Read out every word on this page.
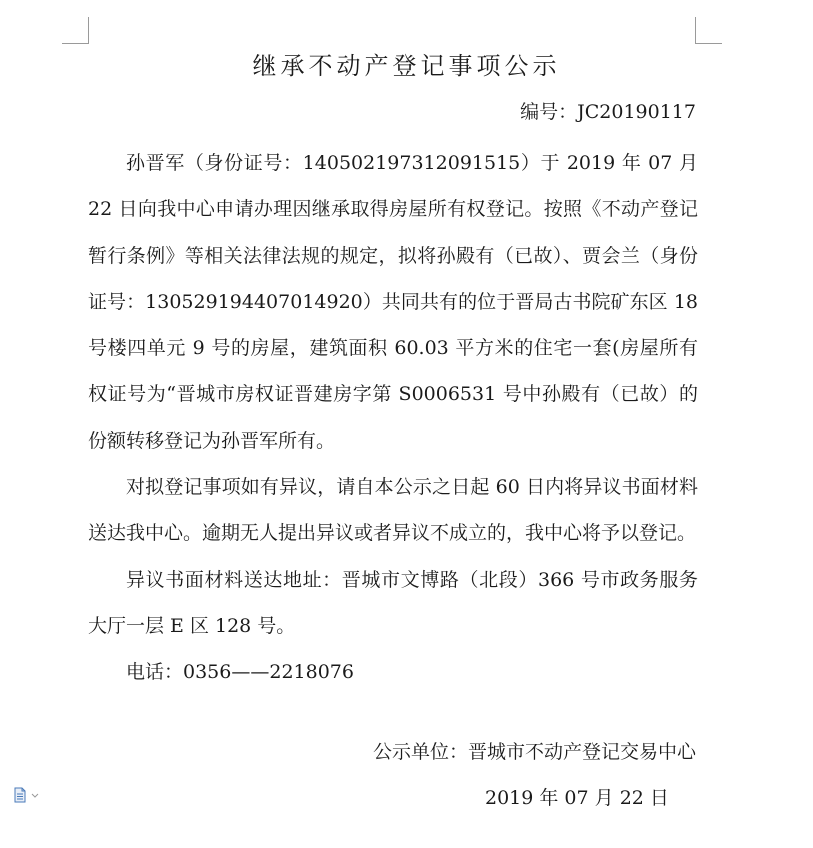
继承不动产登记事项公示
编号：JC20190117

孙晋军（身份证号：140502197312091515）于 2019 年 07 月 22 日向我中心申请办理因继承取得房屋所有权登记。按照《不动产登记暂行条例》等相关法律法规的规定，拟将孙殿有（已故）、贾会兰（身份证号：130529194407014920）共同共有的位于晋局古书院矿东区 18 号楼四单元 9 号的房屋，建筑面积 60.03 平方米的住宅一套(房屋所有权证号为“晋城市房权证晋建房字第 S0006531 号中孙殿有（已故）的份额转移登记为孙晋军所有。

对拟登记事项如有异议，请自本公示之日起 60 日内将异议书面材料送达我中心。逾期无人提出异议或者异议不成立的，我中心将予以登记。

异议书面材料送达地址：晋城市文博路（北段）366 号市政务服务大厅一层 E 区 128 号。

电话：0356——2218076

公示单位：晋城市不动产登记交易中心
2019 年 07 月 22 日
